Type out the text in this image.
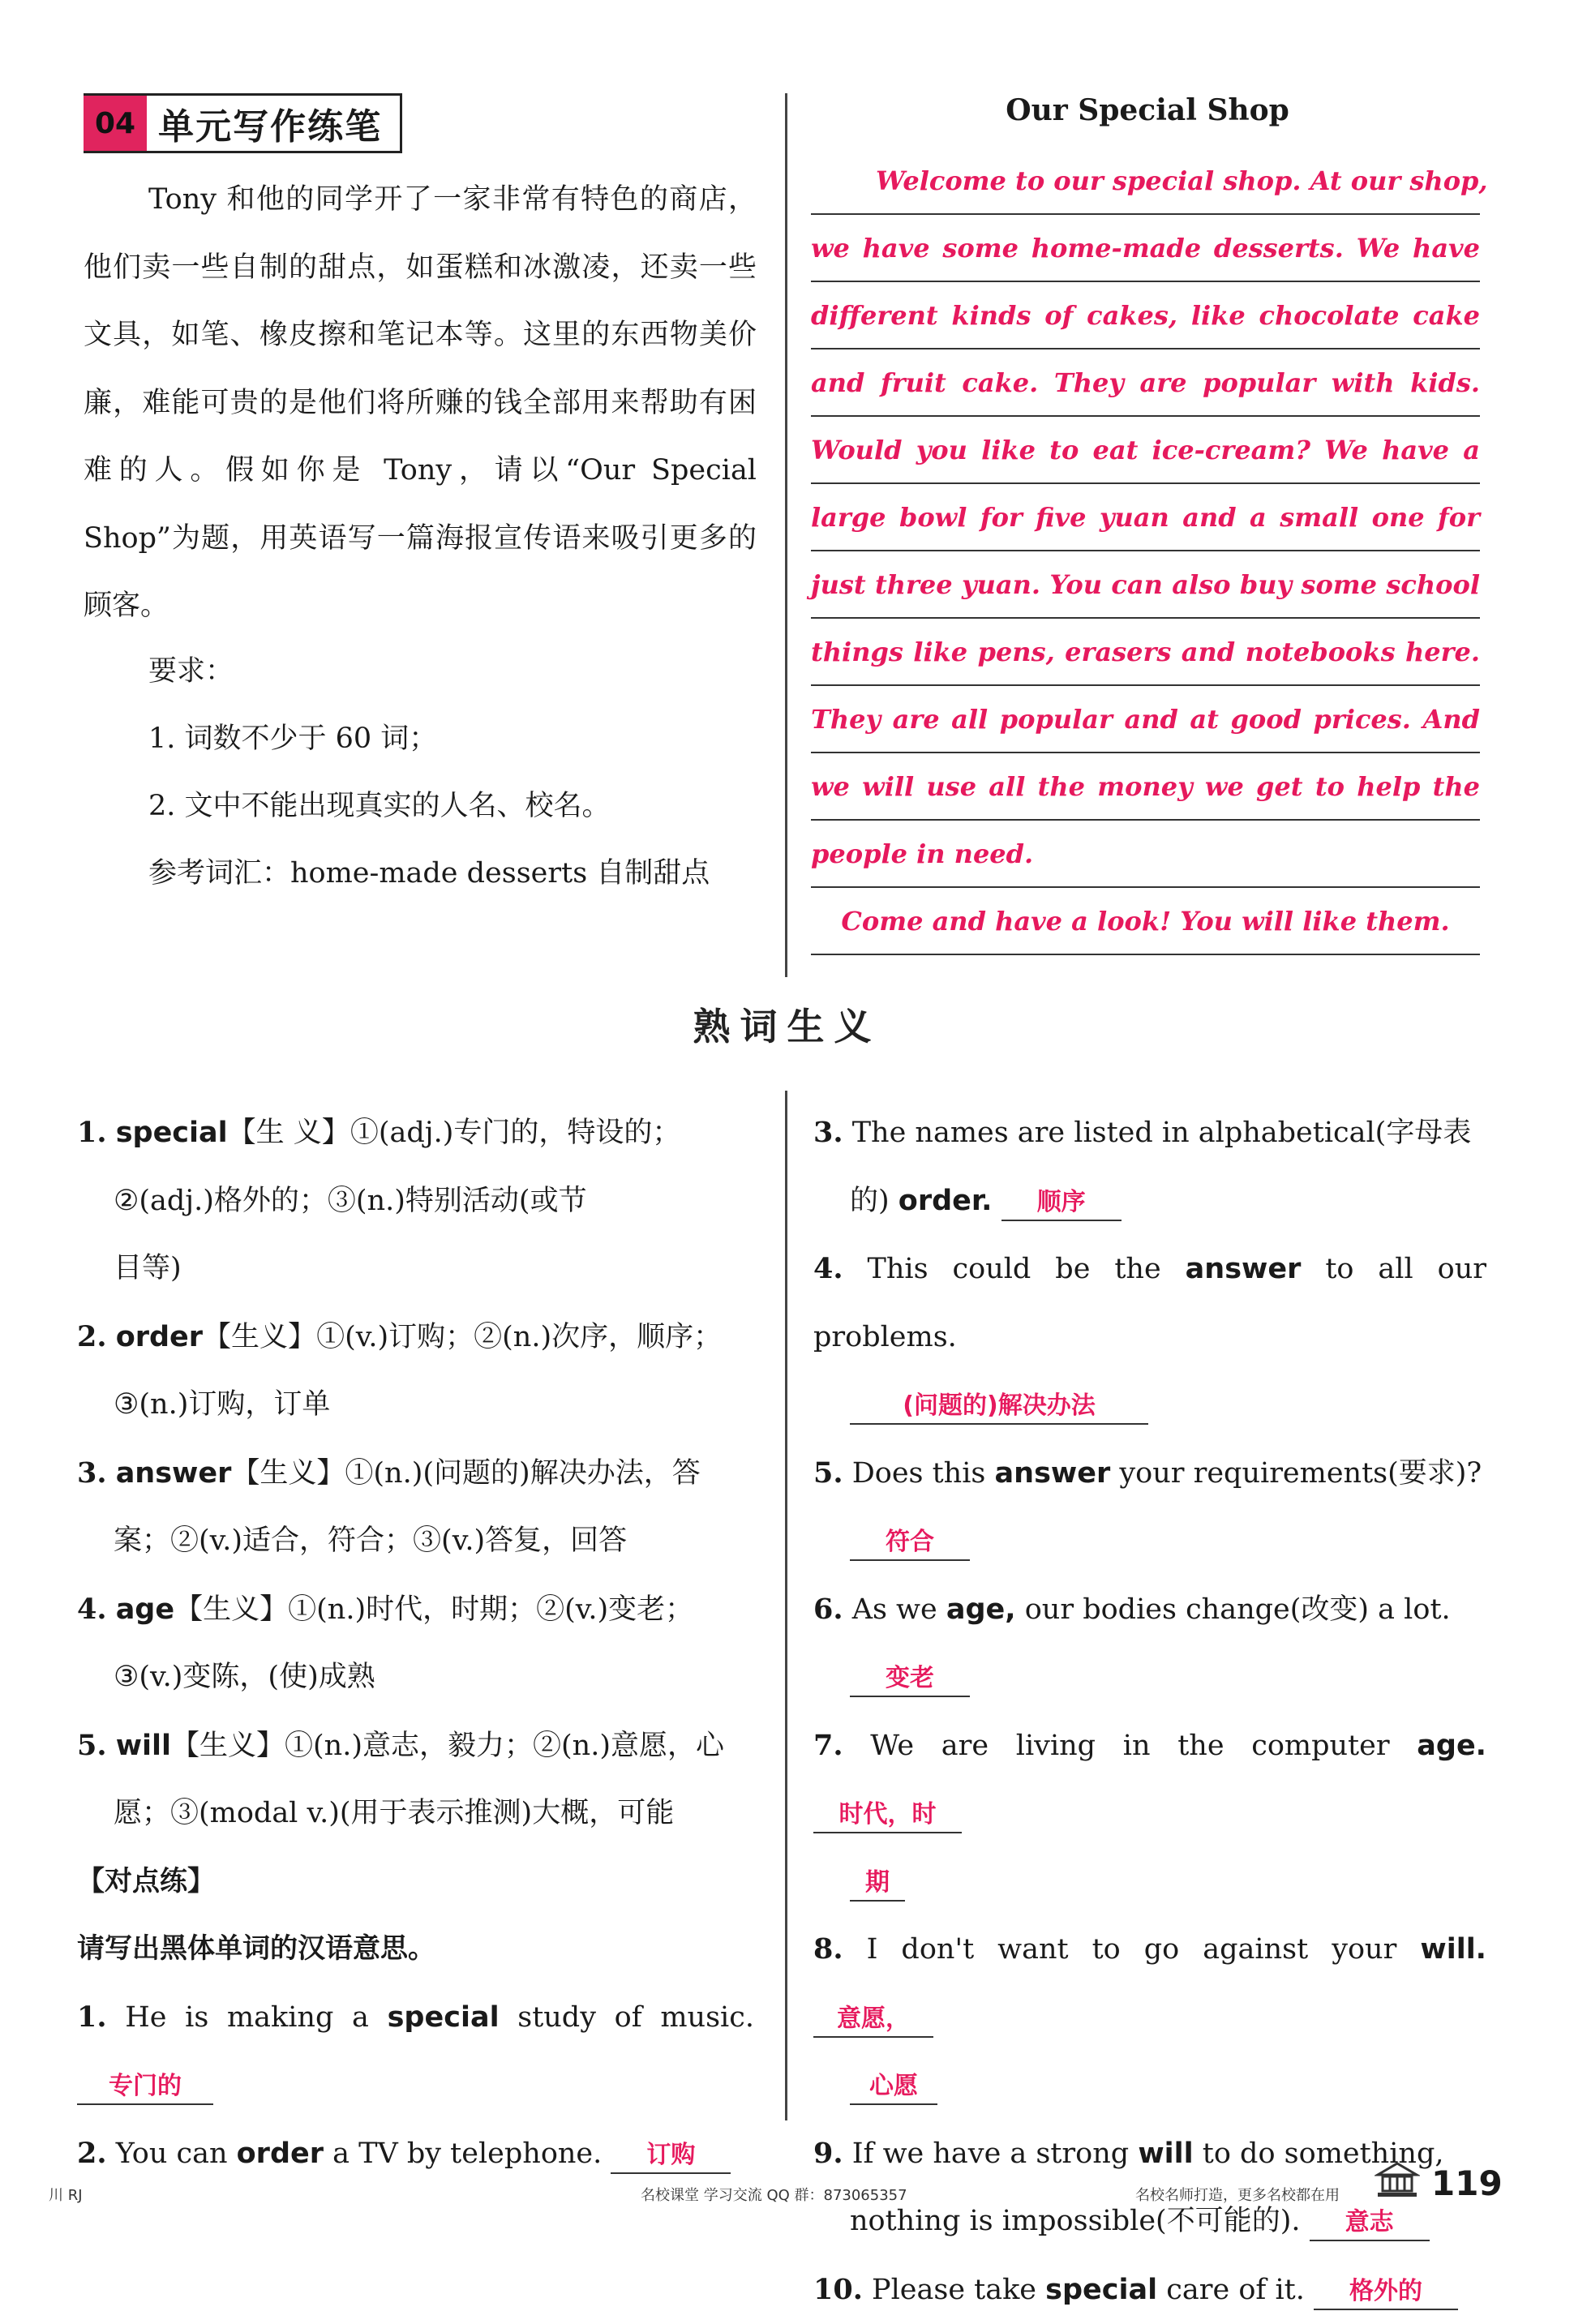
04 单元写作练笔

Tony 和他的同学开了一家非常有特色的商店，他们卖一些自制的甜点，如蛋糕和冰激凌，还卖一些文具，如笔、橡皮擦和笔记本等。这里的东西物美价廉，难能可贵的是他们将所赚的钱全部用来帮助有困难的人。假如你是 Tony，请以“Our Special Shop”为题，用英语写一篇海报宣传语来吸引更多的顾客。

要求：
1. 词数不少于 60 词；
2. 文中不能出现真实的人名、校名。
参考词汇：home-made desserts 自制甜点
Our Special Shop
Welcome to our special shop. At our shop,
we have some home-made desserts. We have
different kinds of cakes, like chocolate cake
and fruit cake. They are popular with kids.
Would you like to eat ice-cream? We have a
large bowl for five yuan and a small one for
just three yuan. You can also buy some school
things like pens, erasers and notebooks here.
They are all popular and at good prices. And
we will use all the money we get to help the
people in need.
Come and have a look! You will like them.
熟词生义
1. special【生 义】①(adj.)专门的，特设的；
②(adj.)格外的；③(n.)特别活动(或节
目等)
2. order【生义】①(v.)订购；②(n.)次序，顺序；
③(n.)订购，订单
3. answer【生义】①(n.)(问题的)解决办法，答
案；②(v.)适合，符合；③(v.)答复，回答
4. age【生义】①(n.)时代，时期；②(v.)变老；
③(v.)变陈，(使)成熟
5. will【生义】①(n.)意志，毅力；②(n.)意愿，心
愿；③(modal v.)(用于表示推测)大概，可能
【对点练】
请写出黑体单词的汉语意思。
1. He is making a special study of music. 专门的
2. You can order a TV by telephone. 订购
3. The names are listed in alphabetical(字母表
的) order. 顺序
4. This could be the answer to all our problems.
(问题的)解决办法
5. Does this answer your requirements(要求)?
符合
6. As we age, our bodies change(改变) a lot.
变老
7. We are living in the computer age. 时代，时
期
8. I don't want to go against your will. 意愿，
心愿
9. If we have a strong will to do something,
nothing is impossible(不可能的). 意志
10. Please take special care of it. 格外的
川 RJ	名校课堂 学习交流 QQ 群：873065357	名校名师打造，更多名校都在用	119
